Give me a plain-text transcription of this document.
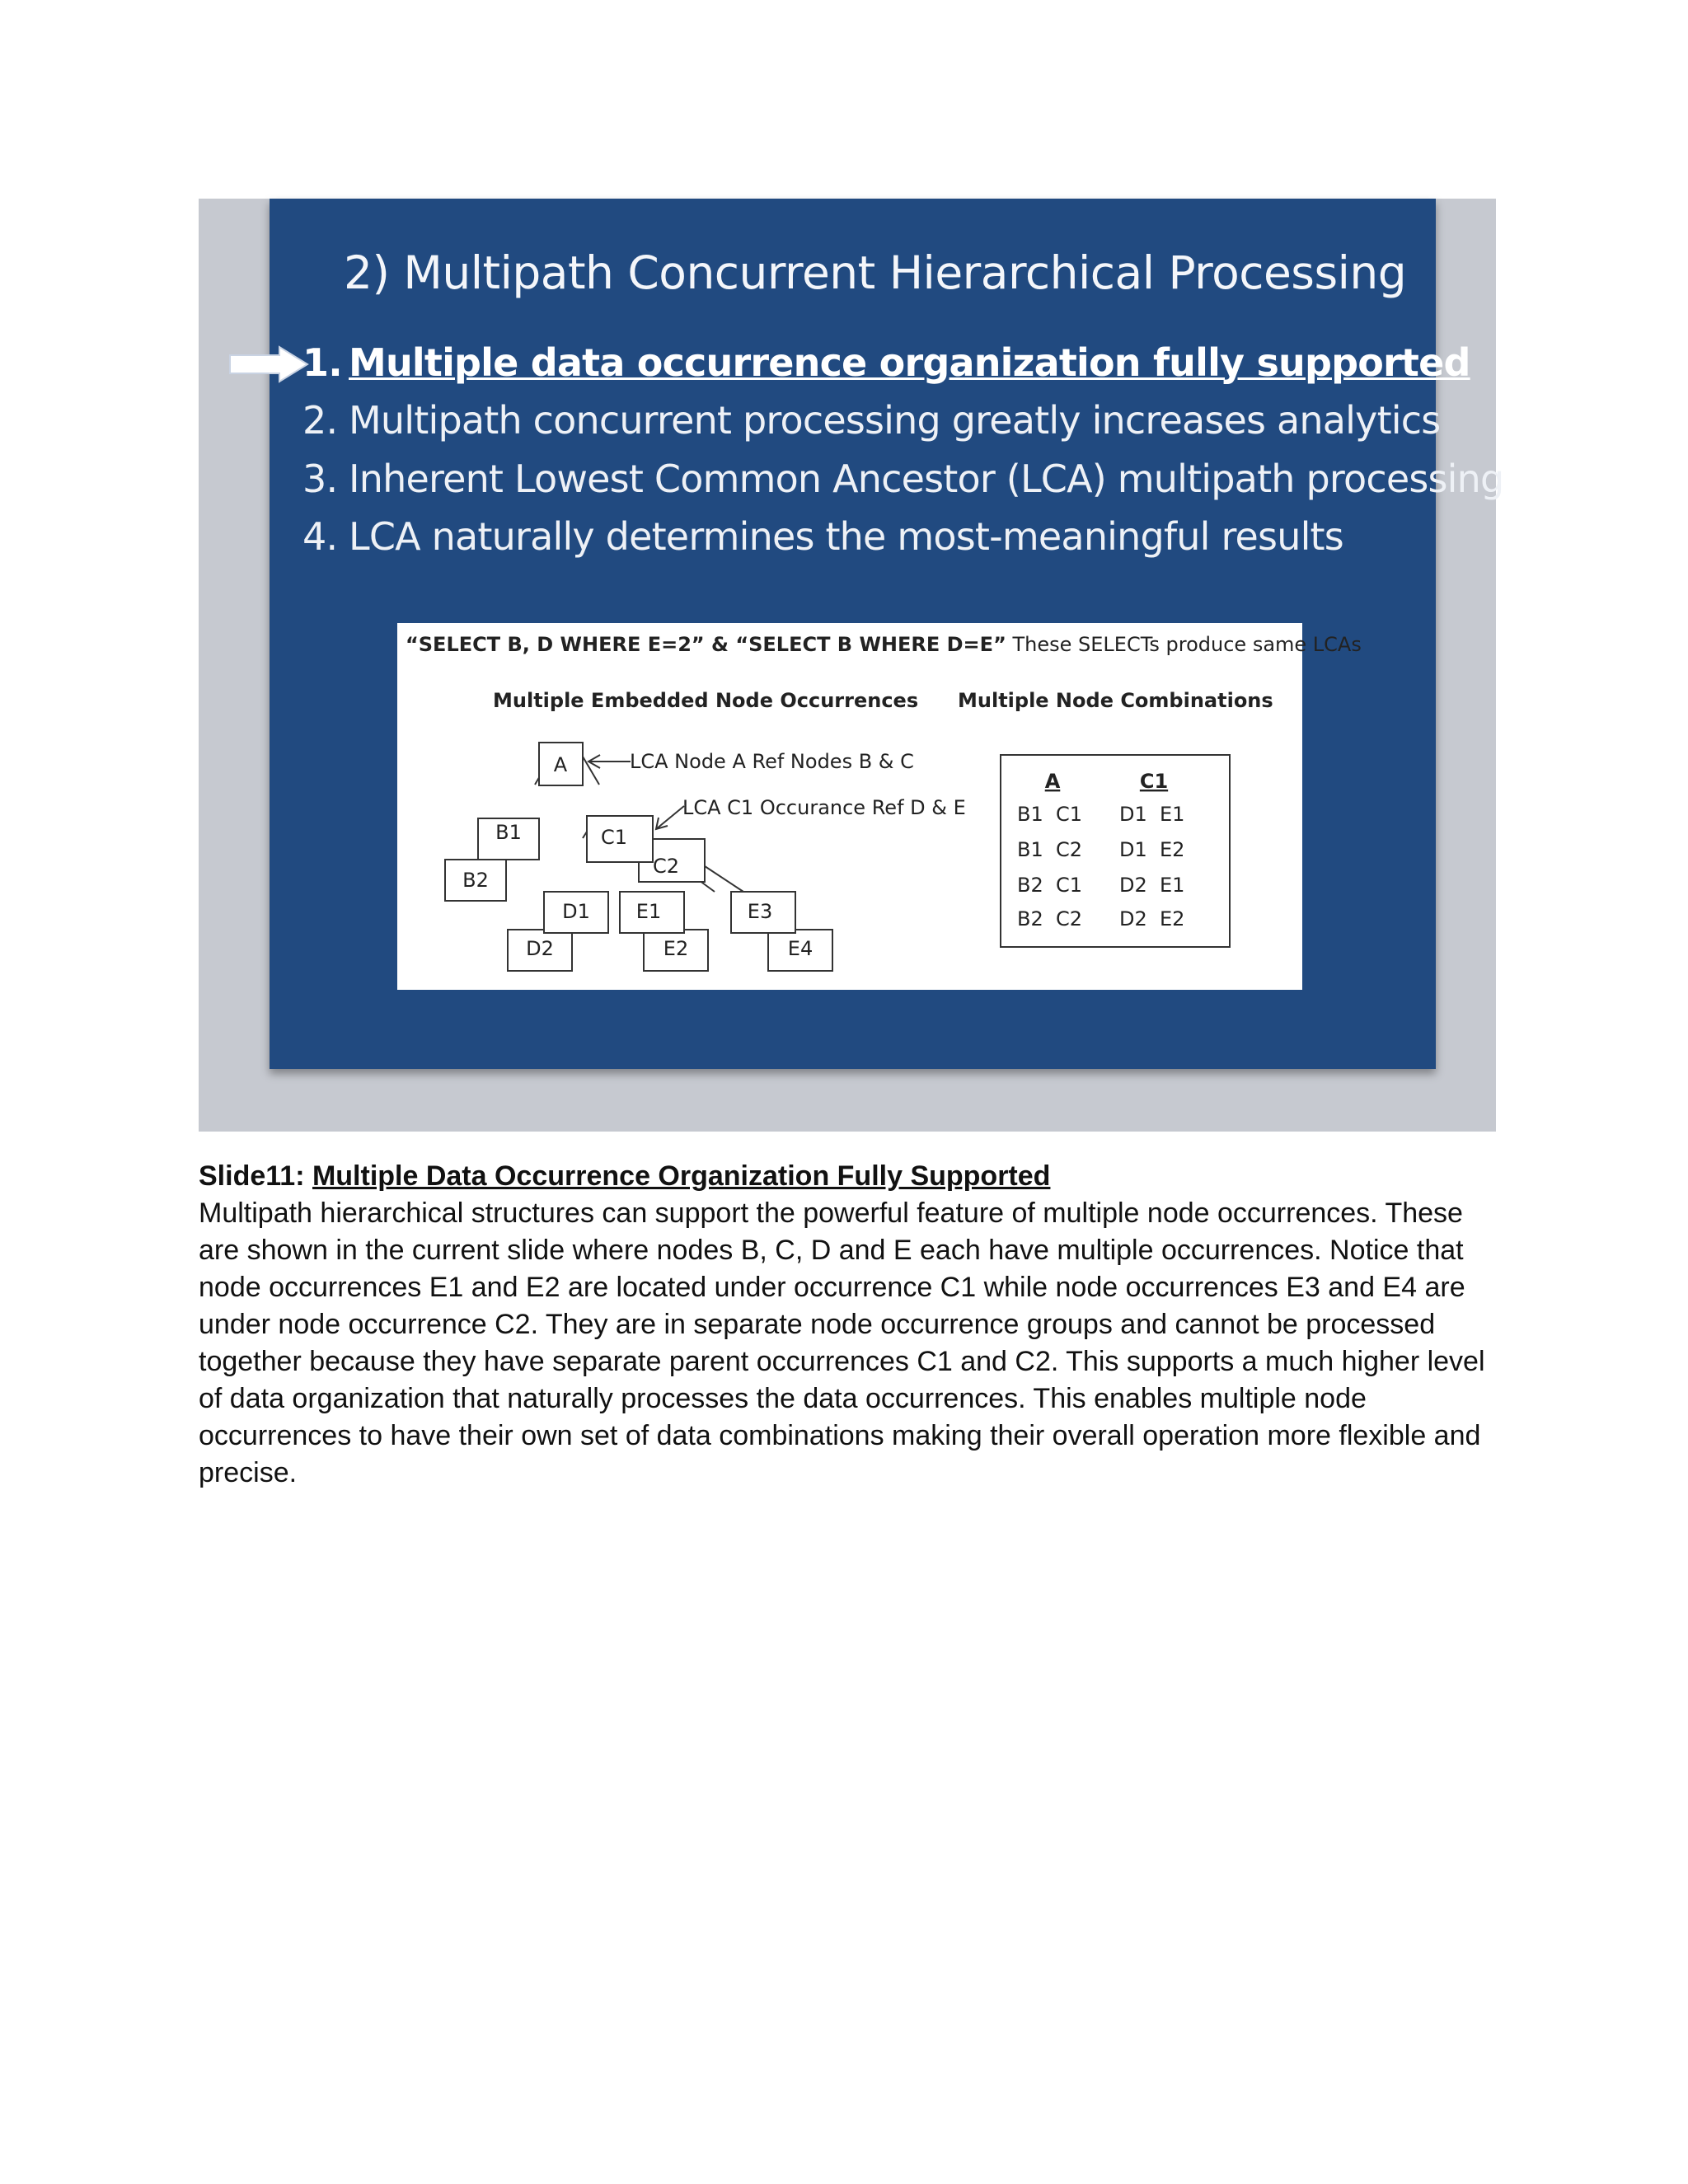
2) Multipath Concurrent Hierarchical Processing
1. Multiple data occurrence organization fully supported
2. Multipath concurrent processing greatly increases analytics
3. Inherent Lowest Common Ancestor (LCA) multipath processing
4. LCA naturally determines the most-meaningful results
“SELECT B, D WHERE E=2” & “SELECT B WHERE D=E” These SELECTs produce same LCAs
Multiple Embedded Node Occurrences Multiple Node Combinations
A
B1
B2
C1
C2
D1
D2
E1
E2
E3
E4
LCA Node A Ref Nodes B & C
LCA C1 Occurance Ref D & E
A	C1
B1  C1 D1  E1
B1  C2 D1  E2
B2  C1 D2  E1
B2  C2 D2  E2
Slide11: Multiple Data Occurrence Organization Fully Supported

Multipath hierarchical structures can support the powerful feature of multiple node occurrences. These are shown in the current slide where nodes B, C, D and E each have multiple occurrences. Notice that node occurrences E1 and E2 are located under occurrence C1 while node occurrences E3 and E4 are under node occurrence C2. They are in separate node occurrence groups and cannot be processed together because they have separate parent occurrences C1 and C2. This supports a much higher level of data organization that naturally processes the data occurrences. This enables multiple node occurrences to have their own set of data combinations making their overall operation more flexible and precise.
